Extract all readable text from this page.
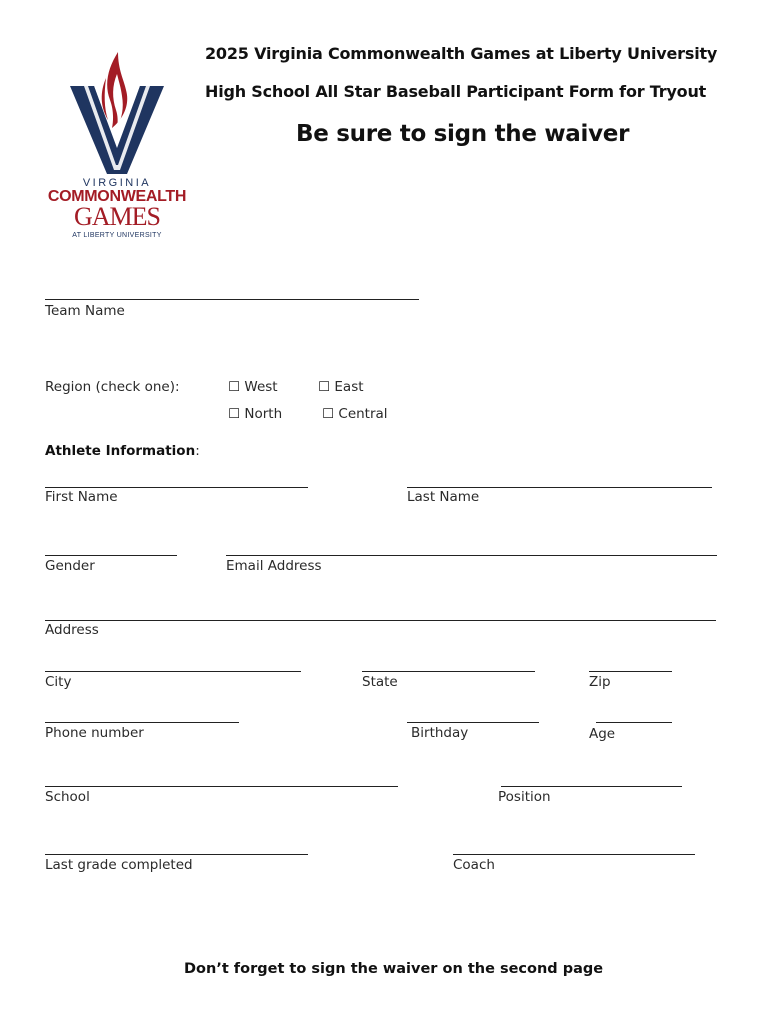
VIRGINIA
COMMONWEALTH
GAMES
AT LIBERTY UNIVERSITY
2025 Virginia Commonwealth Games at Liberty University
High School All Star Baseball Participant Form for Tryout
Be sure to sign the waiver
Team Name
Region (check one):	☐ West	☐ East
☐ North	☐ Central
Athlete Information:
First Name	Last Name
Gender	Email Address
Address
City	State	Zip
Phone number	Birthday	Age
School	Position
Last grade completed	Coach
Don’t forget to sign the waiver on the second page
